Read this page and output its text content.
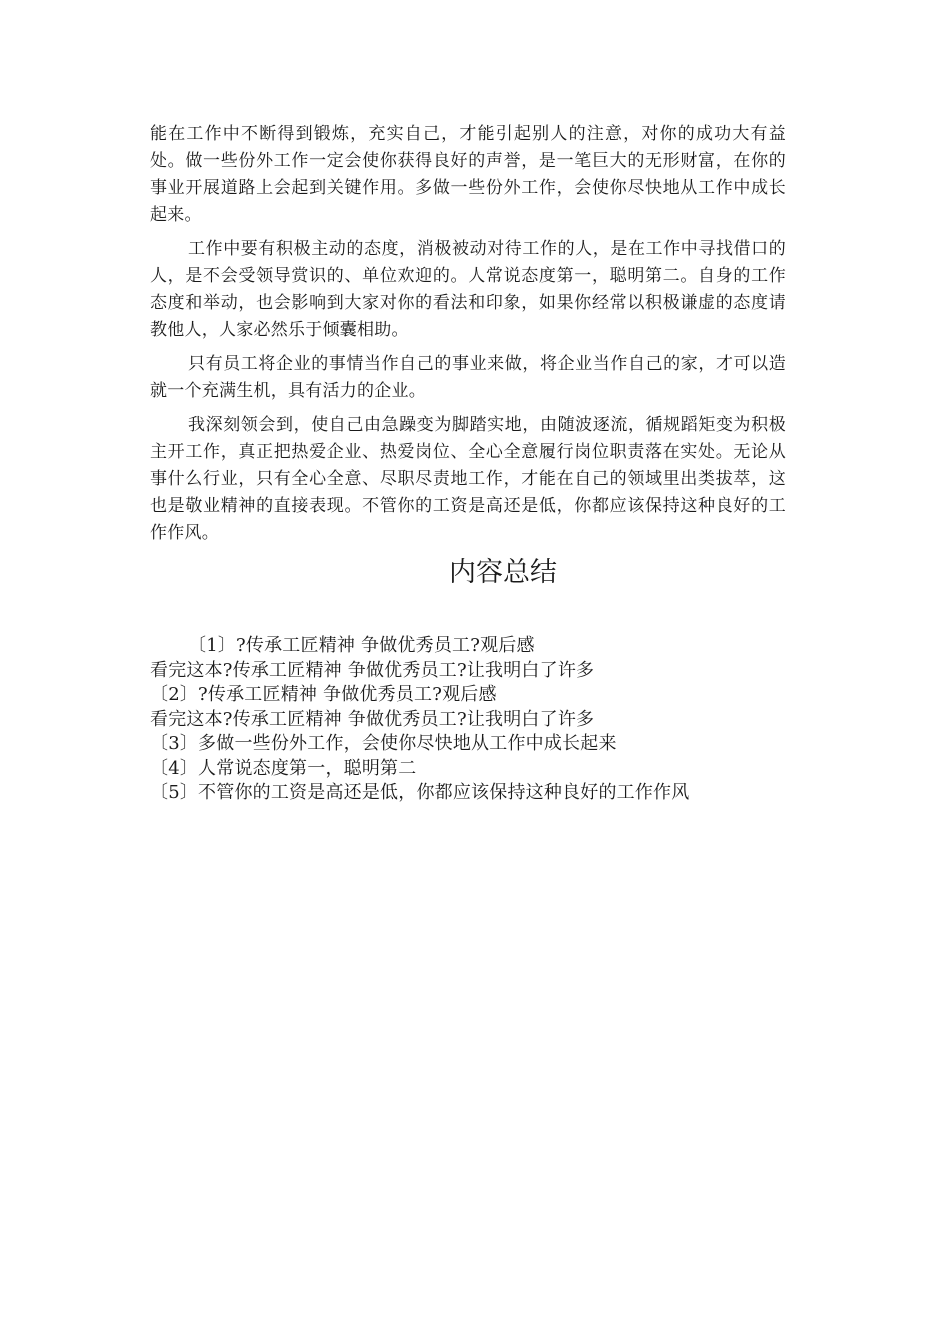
能在工作中不断得到锻炼，充实自己，才能引起别人的注意，对你的成功大有益处。做一些份外工作一定会使你获得良好的声誉，是一笔巨大的无形财富，在你的事业开展道路上会起到关键作用。多做一些份外工作，会使你尽快地从工作中成长起来。

工作中要有积极主动的态度，消极被动对待工作的人，是在工作中寻找借口的人，是不会受领导赏识的、单位欢迎的。人常说态度第一，聪明第二。自身的工作态度和举动，也会影响到大家对你的看法和印象，如果你经常以积极谦虚的态度请教他人，人家必然乐于倾囊相助。

只有员工将企业的事情当作自己的事业来做，将企业当作自己的家，才可以造就一个充满生机，具有活力的企业。

我深刻领会到，使自己由急躁变为脚踏实地，由随波逐流，循规蹈矩变为积极主开工作，真正把热爱企业、热爱岗位、全心全意履行岗位职责落在实处。无论从事什么行业，只有全心全意、尽职尽责地工作，才能在自己的领域里出类拔萃，这也是敬业精神的直接表现。不管你的工资是高还是低，你都应该保持这种良好的工作作风。

内容总结
〔1〕?传承工匠精神 争做优秀员工?观后感
看完这本?传承工匠精神 争做优秀员工?让我明白了许多
〔2〕?传承工匠精神 争做优秀员工?观后感
看完这本?传承工匠精神 争做优秀员工?让我明白了许多
〔3〕多做一些份外工作，会使你尽快地从工作中成长起来
〔4〕人常说态度第一，聪明第二
〔5〕不管你的工资是高还是低，你都应该保持这种良好的工作作风
